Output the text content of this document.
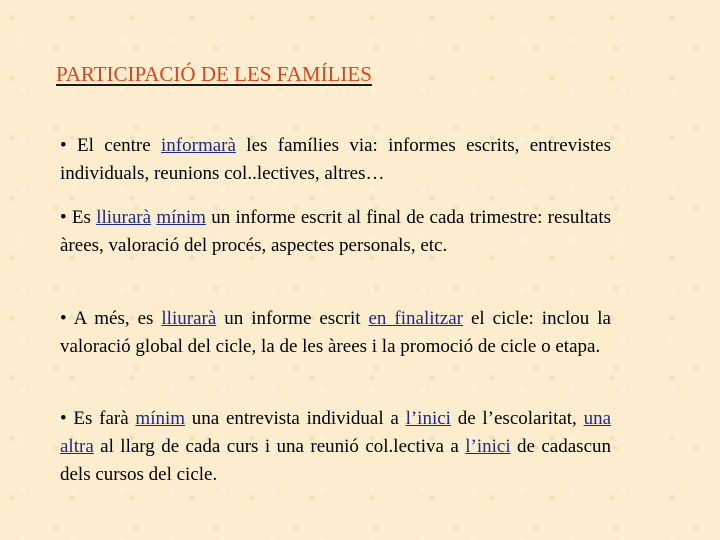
PARTICIPACIÓ DE LES FAMÍLIES

• El centre informarà les famílies via: informes escrits, entrevistes individuals, reunions col..lectives, altres…

• Es lliurarà mínim un informe escrit al final de cada trimestre: resultats àrees, valoració del procés, aspectes personals, etc.

• A més, es lliurarà un informe escrit en finalitzar el cicle: inclou la valoració global del cicle, la de les àrees i la promoció de cicle o etapa.

• Es farà mínim una entrevista individual a l’inici de l’escolaritat, una altra al llarg de cada curs i una reunió col.lectiva a l’inici de cadascun dels cursos del cicle.
